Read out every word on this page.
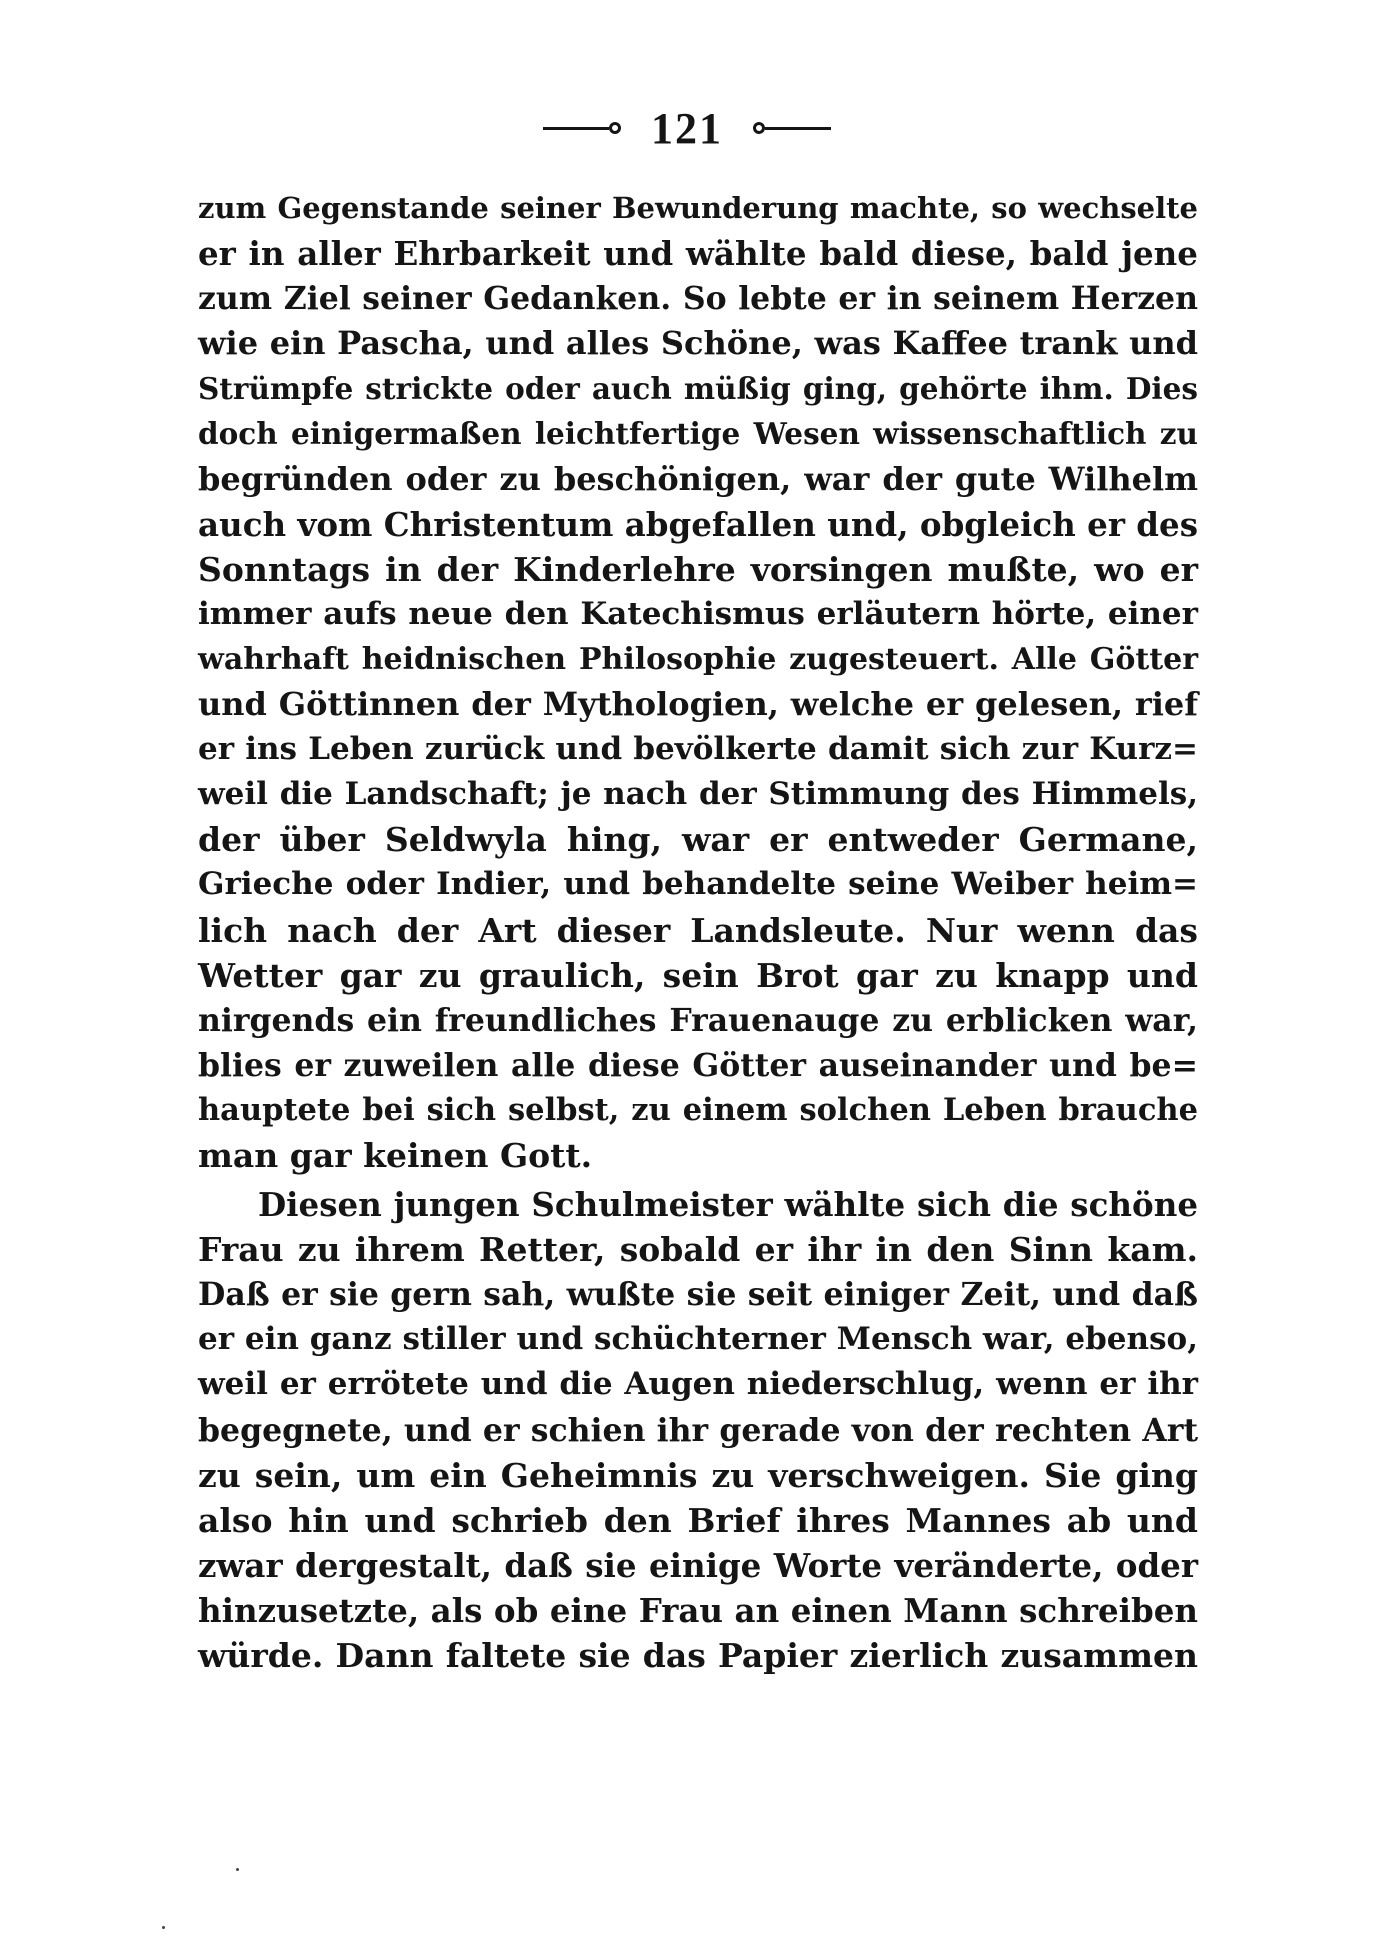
121
zum Gegenstande seiner Bewunderung machte, so wechselte
er in aller Ehrbarkeit und wählte bald diese, bald jene
zum Ziel seiner Gedanken. So lebte er in seinem Herzen
wie ein Pascha, und alles Schöne, was Kaffee trank und
Strümpfe strickte oder auch müßig ging, gehörte ihm. Dies
doch einigermaßen leichtfertige Wesen wissenschaftlich zu
begründen oder zu beschönigen, war der gute Wilhelm
auch vom Christentum abgefallen und, obgleich er des
Sonntags in der Kinderlehre vorsingen mußte, wo er
immer aufs neue den Katechismus erläutern hörte, einer
wahrhaft heidnischen Philosophie zugesteuert. Alle Götter
und Göttinnen der Mythologien, welche er gelesen, rief
er ins Leben zurück und bevölkerte damit sich zur Kurz=
weil die Landschaft; je nach der Stimmung des Himmels,
der über Seldwyla hing, war er entweder Germane,
Grieche oder Indier, und behandelte seine Weiber heim=
lich nach der Art dieser Landsleute. Nur wenn das
Wetter gar zu graulich, sein Brot gar zu knapp und
nirgends ein freundliches Frauenauge zu erblicken war,
blies er zuweilen alle diese Götter auseinander und be=
hauptete bei sich selbst, zu einem solchen Leben brauche
man gar keinen Gott.
Diesen jungen Schulmeister wählte sich die schöne
Frau zu ihrem Retter, sobald er ihr in den Sinn kam.
Daß er sie gern sah, wußte sie seit einiger Zeit, und daß
er ein ganz stiller und schüchterner Mensch war, ebenso,
weil er errötete und die Augen niederschlug, wenn er ihr
begegnete, und er schien ihr gerade von der rechten Art
zu sein, um ein Geheimnis zu verschweigen. Sie ging
also hin und schrieb den Brief ihres Mannes ab und
zwar dergestalt, daß sie einige Worte veränderte, oder
hinzusetzte, als ob eine Frau an einen Mann schreiben
würde. Dann faltete sie das Papier zierlich zusammen
